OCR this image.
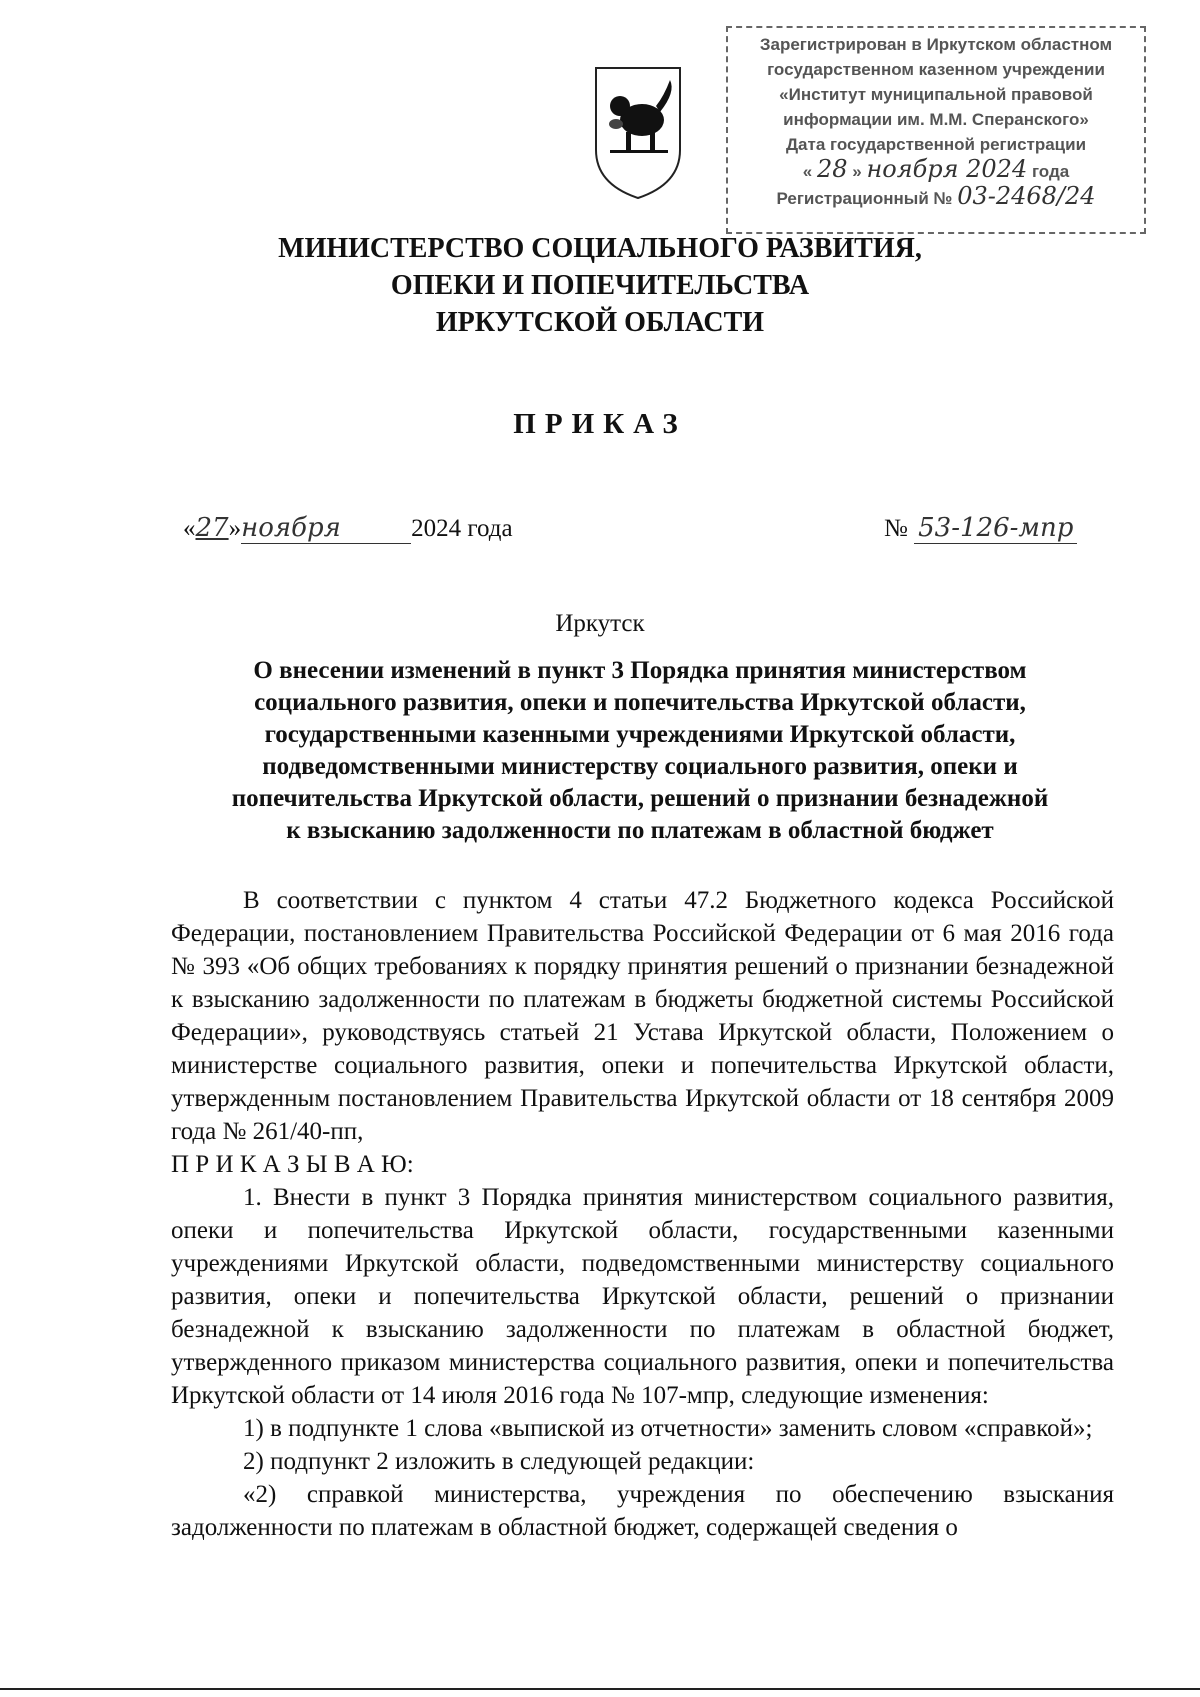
Зарегистрирован в Иркутском областном
государственном казенном учреждении
«Институт муниципальной правовой
информации им. М.М. Сперанского»
Дата государственной регистрации
« 28 » ноября 2024 года
Регистрационный № 03-2468/24
МИНИСТЕРСТВО СОЦИАЛЬНОГО РАЗВИТИЯ,
ОПЕКИ И ПОПЕЧИТЕЛЬСТВА
ИРКУТСКОЙ ОБЛАСТИ
ПРИКАЗ
«27»ноября	2024 года	№ 53-126-мпр
Иркутск
О внесении изменений в пункт 3 Порядка принятия министерством
социального развития, опеки и попечительства Иркутской области,
государственными казенными учреждениями Иркутской области,
подведомственными министерству социального развития, опеки и
попечительства Иркутской области, решений о признании безнадежной
к взысканию задолженности по платежам в областной бюджет

В соответствии с пунктом 4 статьи 47.2 Бюджетного кодекса Российской Федерации, постановлением Правительства Российской Федерации от 6 мая 2016 года № 393 «Об общих требованиях к порядку принятия решений о признании безнадежной к взысканию задолженности по платежам в бюджеты бюджетной системы Российской Федерации», руководствуясь статьей 21 Устава Иркутской области, Положением о министерстве социального развития, опеки и попечительства Иркутской области, утвержденным постановлением Правительства Иркутской области от 18 сентября 2009 года № 261/40-пп,

П Р И К А З Ы В А Ю:

1. Внести в пункт 3 Порядка принятия министерством социального развития, опеки и попечительства Иркутской области, государственными казенными учреждениями Иркутской области, подведомственными министерству социального развития, опеки и попечительства Иркутской области, решений о признании безнадежной к взысканию задолженности по платежам в областной бюджет, утвержденного приказом министерства социального развития, опеки и попечительства Иркутской области от 14 июля 2016 года № 107-мпр, следующие изменения:

1) в подпункте 1 слова «выпиской из отчетности» заменить словом «справкой»;

2) подпункт 2 изложить в следующей редакции:

«2) справкой министерства, учреждения по обеспечению взыскания задолженности по платежам в областной бюджет, содержащей сведения о
